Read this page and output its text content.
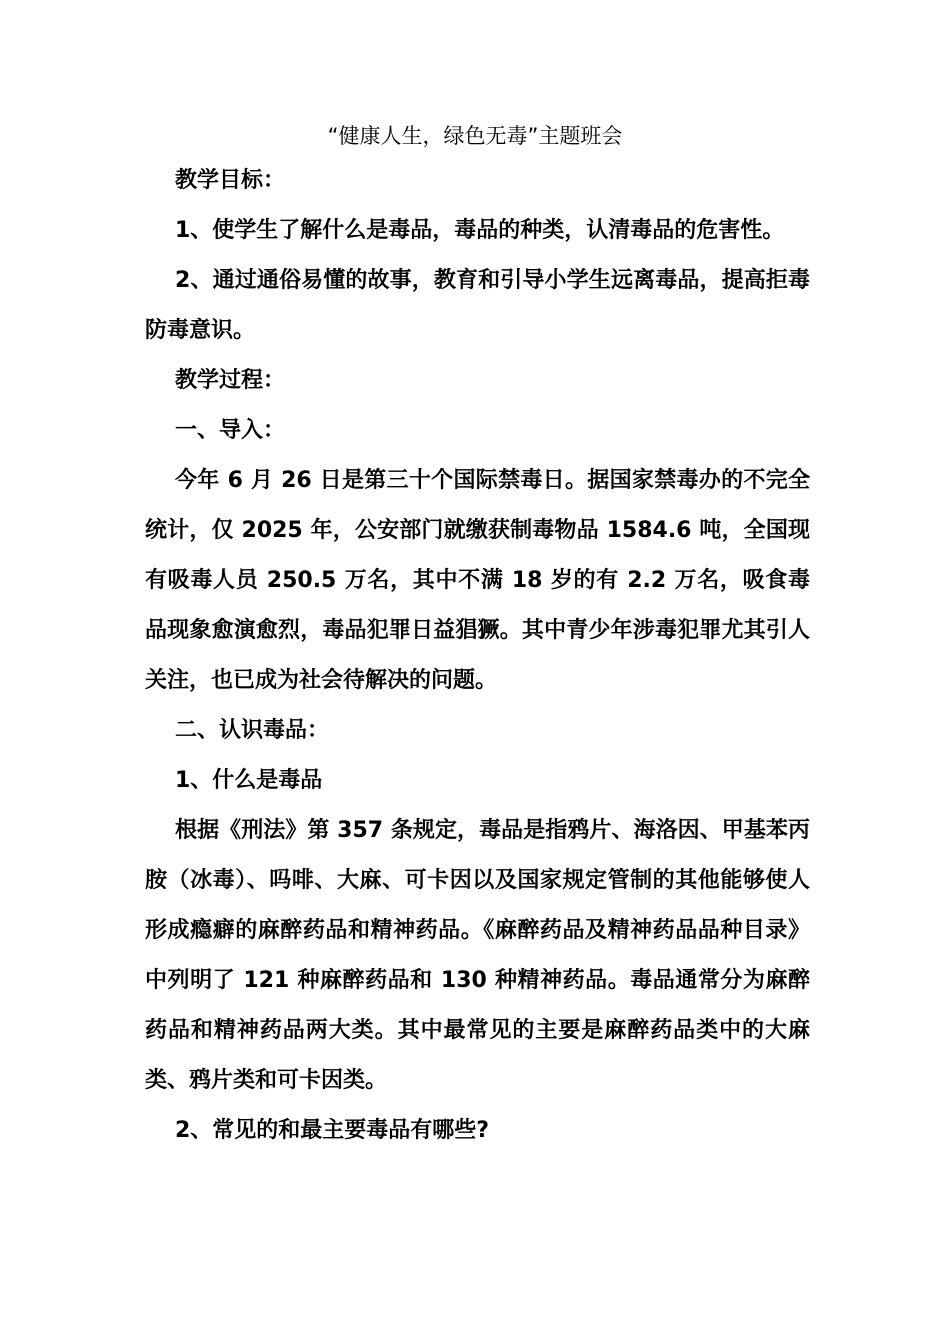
“健康人生，绿色无毒”主题班会

教学目标：

1、使学生了解什么是毒品，毒品的种类，认清毒品的危害性。

2、通过通俗易懂的故事，教育和引导小学生远离毒品，提高拒毒防毒意识。

教学过程：

一、导入：

今年 6 月 26 日是第三十个国际禁毒日。据国家禁毒办的不完全统计，仅 2025 年，公安部门就缴获制毒物品 1584.6 吨，全国现有吸毒人员 250.5 万名，其中不满 18 岁的有 2.2 万名，吸食毒品现象愈演愈烈，毒品犯罪日益猖獗。其中青少年涉毒犯罪尤其引人关注，也已成为社会待解决的问题。

二、认识毒品：

1、什么是毒品

根据《刑法》第 357 条规定，毒品是指鸦片、海洛因、甲基苯丙胺（冰毒）、吗啡、大麻、可卡因以及国家规定管制的其他能够使人形成瘾癖的麻醉药品和精神药品。《麻醉药品及精神药品品种目录》中列明了 121 种麻醉药品和 130 种精神药品。毒品通常分为麻醉药品和精神药品两大类。其中最常见的主要是麻醉药品类中的大麻类、鸦片类和可卡因类。

2、常见的和最主要毒品有哪些?
